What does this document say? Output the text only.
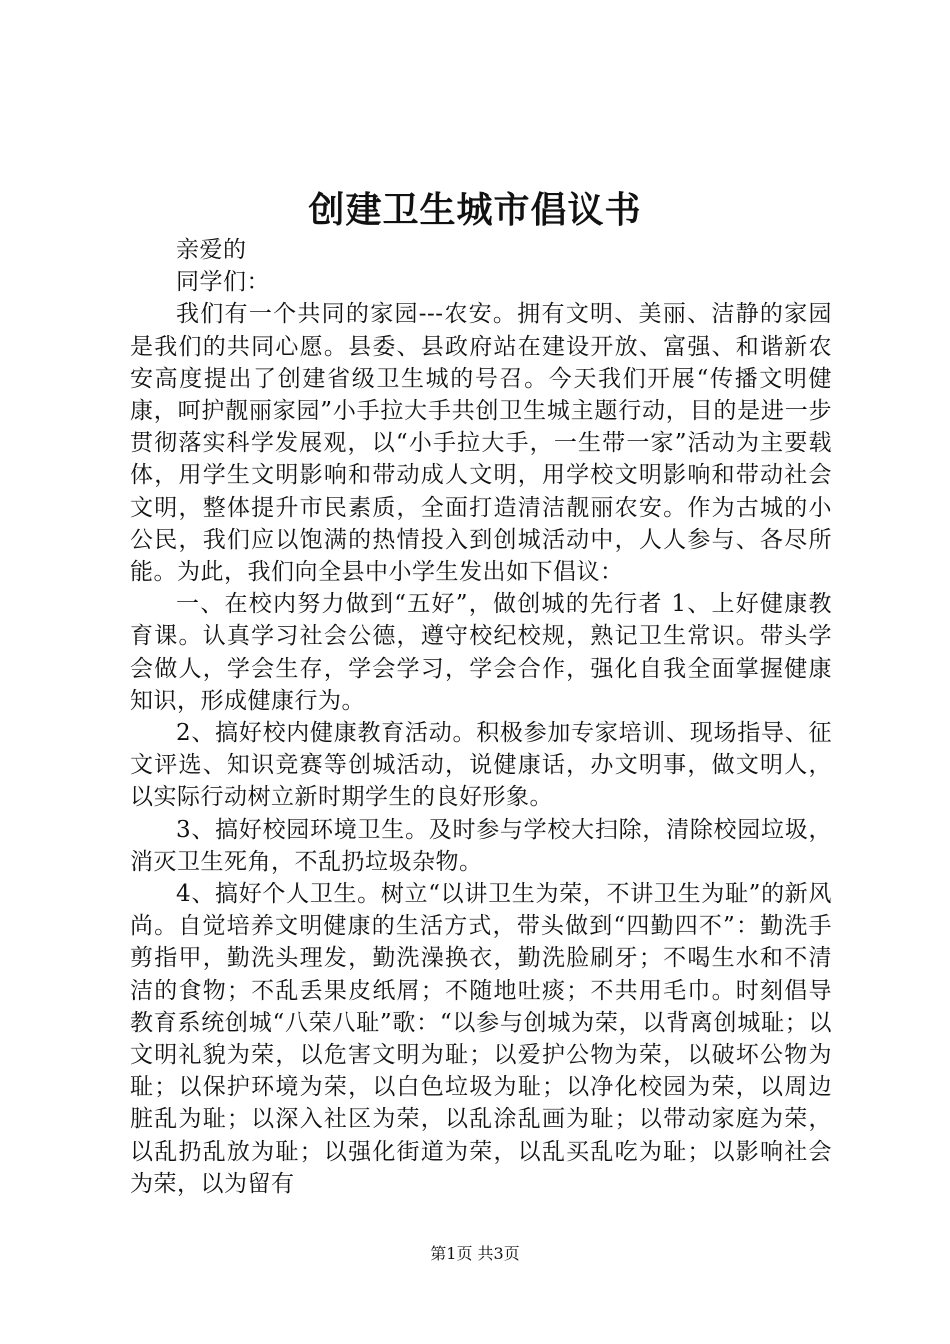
创建卫生城市倡议书

亲爱的

同学们：

我们有一个共同的家园---农安。拥有文明、美丽、洁静的家园是我们的共同心愿。县委、县政府站在建设开放、富强、和谐新农安高度提出了创建省级卫生城的号召。今天我们开展“传播文明健康，呵护靓丽家园”小手拉大手共创卫生城主题行动，目的是进一步贯彻落实科学发展观，以“小手拉大手，一生带一家”活动为主要载体，用学生文明影响和带动成人文明，用学校文明影响和带动社会文明，整体提升市民素质，全面打造清洁靓丽农安。作为古城的小公民，我们应以饱满的热情投入到创城活动中，人人参与、各尽所能。为此，我们向全县中小学生发出如下倡议：

一、在校内努力做到“五好”，做创城的先行者 1、上好健康教育课。认真学习社会公德，遵守校纪校规，熟记卫生常识。带头学会做人，学会生存，学会学习，学会合作，强化自我全面掌握健康知识，形成健康行为。

2、搞好校内健康教育活动。积极参加专家培训、现场指导、征文评选、知识竞赛等创城活动，说健康话，办文明事，做文明人，以实际行动树立新时期学生的良好形象。

3、搞好校园环境卫生。及时参与学校大扫除，清除校园垃圾，消灭卫生死角，不乱扔垃圾杂物。

4、搞好个人卫生。树立“以讲卫生为荣，不讲卫生为耻”的新风尚。自觉培养文明健康的生活方式，带头做到“四勤四不”：勤洗手剪指甲，勤洗头理发，勤洗澡换衣，勤洗脸刷牙；不喝生水和不清洁的食物；不乱丢果皮纸屑；不随地吐痰；不共用毛巾。时刻倡导教育系统创城“八荣八耻”歌：“以参与创城为荣，以背离创城耻；以文明礼貌为荣，以危害文明为耻；以爱护公物为荣，以破坏公物为耻；以保护环境为荣，以白色垃圾为耻；以净化校园为荣，以周边脏乱为耻；以深入社区为荣，以乱涂乱画为耻；以带动家庭为荣，以乱扔乱放为耻；以强化街道为荣，以乱买乱吃为耻；以影响社会为荣，以为留有

第1页 共3页
